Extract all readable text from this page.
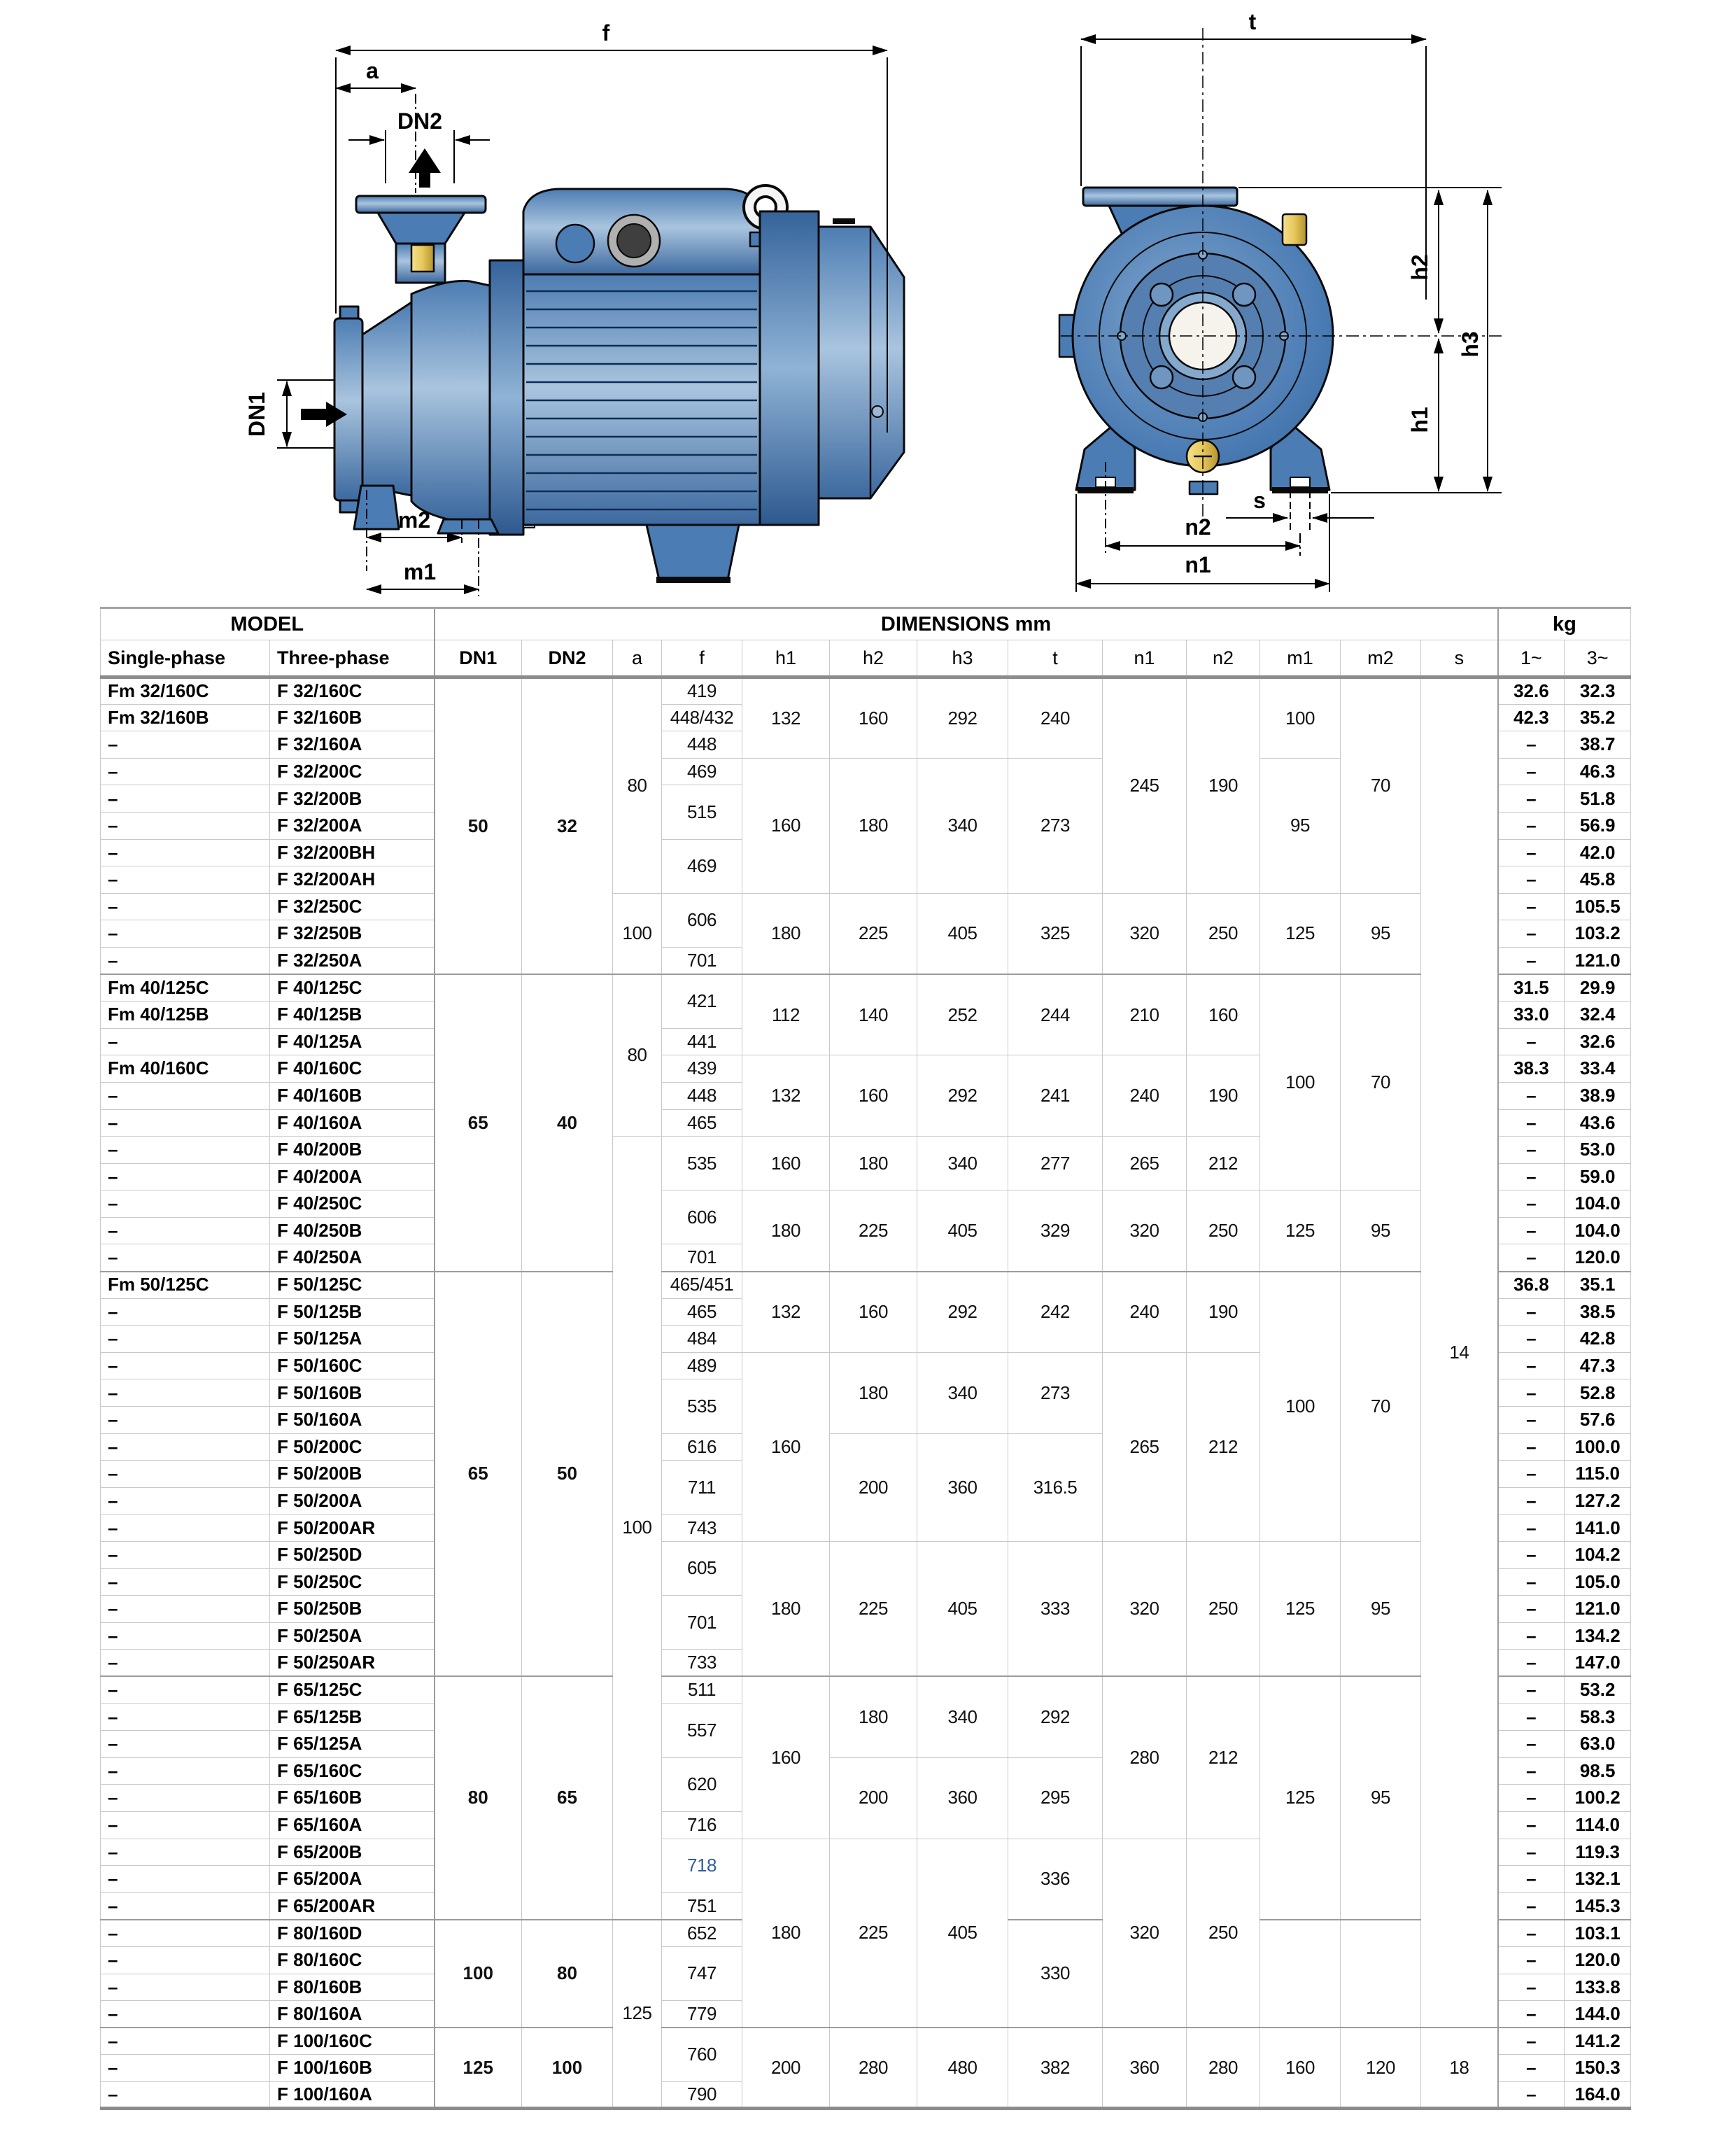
f
a
DN2
DN1
m2
m1
t
h2
h1
h3
s
n2
n1
MODEL		DIMENSIONS mm													kg	
Single-phase	Three-phase	DN1	DN2	a	f	h1	h2	h3	t	n1	n2	m1	m2	s	1~	3~
Fm 32/160C	F 32/160C	50	32	80	419	132	160	292	240	245	190	100	70	14	32.6	32.3
Fm 32/160B	F 32/160B				448/432										42.3	35.2
–	F 32/160A				448										–	38.7
–	F 32/200C				469	160	180	340	273			95			–	46.3
–	F 32/200B				515										–	51.8
–	F 32/200A														–	56.9
–	F 32/200BH				469										–	42.0
–	F 32/200AH														–	45.8
–	F 32/250C			100	606	180	225	405	325	320	250	125	95		–	105.5
–	F 32/250B														–	103.2
–	F 32/250A				701										–	121.0
Fm 40/125C	F 40/125C	65	40	80	421	112	140	252	244	210	160	100	70		31.5	29.9
Fm 40/125B	F 40/125B														33.0	32.4
–	F 40/125A				441										–	32.6
Fm 40/160C	F 40/160C				439	132	160	292	241	240	190				38.3	33.4
–	F 40/160B				448										–	38.9
–	F 40/160A				465										–	43.6
–	F 40/200B			100	535	160	180	340	277	265	212				–	53.0
–	F 40/200A														–	59.0
–	F 40/250C				606	180	225	405	329	320	250	125	95		–	104.0
–	F 40/250B														–	104.0
–	F 40/250A				701										–	120.0
Fm 50/125C	F 50/125C	65	50		465/451	132	160	292	242	240	190	100	70		36.8	35.1
–	F 50/125B				465										–	38.5
–	F 50/125A				484										–	42.8
–	F 50/160C				489	160	180	340	273	265	212				–	47.3
–	F 50/160B				535										–	52.8
–	F 50/160A														–	57.6
–	F 50/200C				616		200	360	316.5						–	100.0
–	F 50/200B				711										–	115.0
–	F 50/200A														–	127.2
–	F 50/200AR				743										–	141.0
–	F 50/250D				605	180	225	405	333	320	250	125	95		–	104.2
–	F 50/250C														–	105.0
–	F 50/250B				701										–	121.0
–	F 50/250A														–	134.2
–	F 50/250AR				733										–	147.0
–	F 65/125C	80	65		511	160	180	340	292	280	212	125	95		–	53.2
–	F 65/125B				557										–	58.3
–	F 65/125A														–	63.0
–	F 65/160C				620		200	360	295						–	98.5
–	F 65/160B														–	100.2
–	F 65/160A				716										–	114.0
–	F 65/200B				718	180	225	405	336	320	250				–	119.3
–	F 65/200A														–	132.1
–	F 65/200AR				751										–	145.3
–	F 80/160D	100	80	125	652				330						–	103.1
–	F 80/160C				747										–	120.0
–	F 80/160B														–	133.8
–	F 80/160A				779										–	144.0
–	F 100/160C	125	100		760	200	280	480	382	360	280	160	120	18	–	141.2
–	F 100/160B														–	150.3
–	F 100/160A				790										–	164.0
